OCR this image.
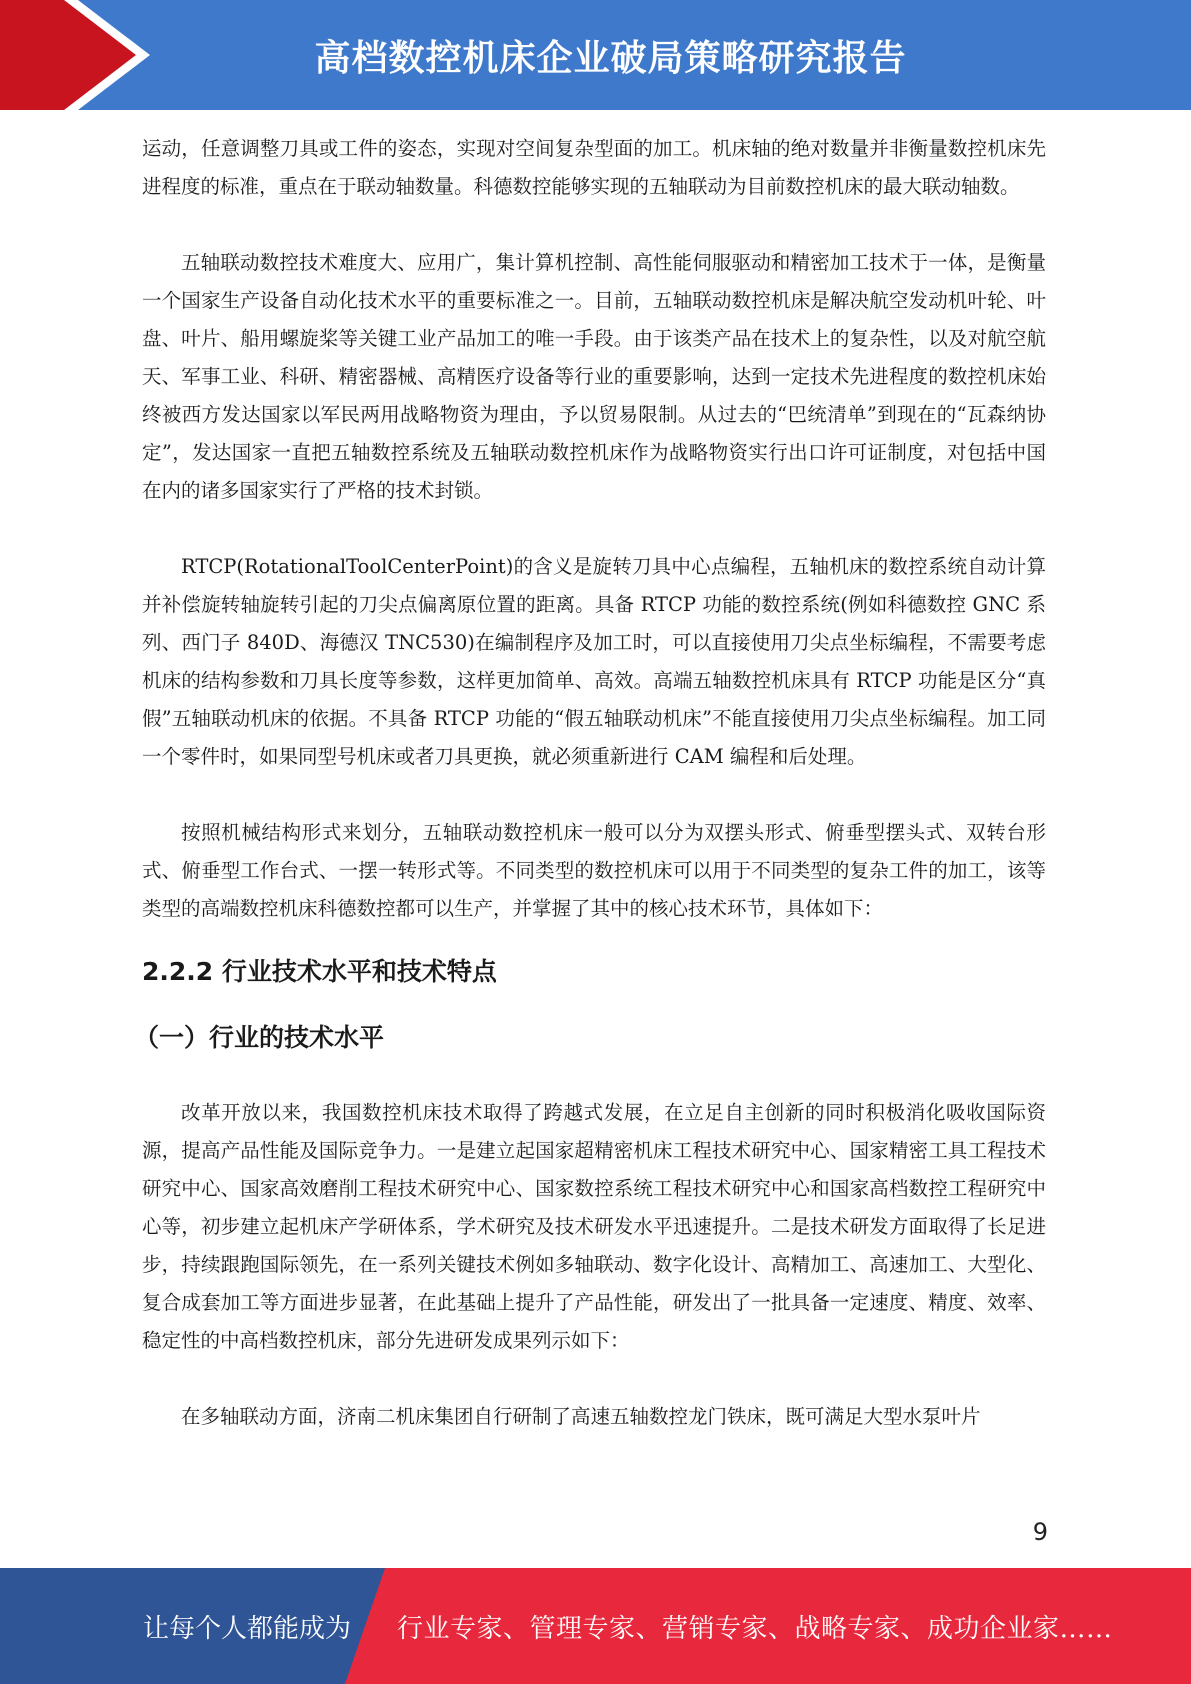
高档数控机床企业破局策略研究报告

运动，任意调整刀具或工件的姿态，实现对空间复杂型面的加工。机床轴的绝对数量并非衡量数控机床先进程度的标准，重点在于联动轴数量。科德数控能够实现的五轴联动为目前数控机床的最大联动轴数。

五轴联动数控技术难度大、应用广，集计算机控制、高性能伺服驱动和精密加工技术于一体，是衡量一个国家生产设备自动化技术水平的重要标准之一。目前，五轴联动数控机床是解决航空发动机叶轮、叶盘、叶片、船用螺旋桨等关键工业产品加工的唯一手段。由于该类产品在技术上的复杂性，以及对航空航天、军事工业、科研、精密器械、高精医疗设备等行业的重要影响，达到一定技术先进程度的数控机床始终被西方发达国家以军民两用战略物资为理由，予以贸易限制。从过去的“巴统清单”到现在的“瓦森纳协定”，发达国家一直把五轴数控系统及五轴联动数控机床作为战略物资实行出口许可证制度，对包括中国在内的诸多国家实行了严格的技术封锁。

RTCP(RotationalToolCenterPoint)的含义是旋转刀具中心点编程，五轴机床的数控系统自动计算并补偿旋转轴旋转引起的刀尖点偏离原位置的距离。具备 RTCP 功能的数控系统(例如科德数控 GNC 系列、西门子 840D、海德汉 TNC530)在编制程序及加工时，可以直接使用刀尖点坐标编程，不需要考虑机床的结构参数和刀具长度等参数，这样更加简单、高效。高端五轴数控机床具有 RTCP 功能是区分“真假”五轴联动机床的依据。不具备 RTCP 功能的“假五轴联动机床”不能直接使用刀尖点坐标编程。加工同一个零件时，如果同型号机床或者刀具更换，就必须重新进行 CAM 编程和后处理。

按照机械结构形式来划分，五轴联动数控机床一般可以分为双摆头形式、俯垂型摆头式、双转台形式、俯垂型工作台式、一摆一转形式等。不同类型的数控机床可以用于不同类型的复杂工件的加工，该等类型的高端数控机床科德数控都可以生产，并掌握了其中的核心技术环节，具体如下：

2.2.2 行业技术水平和技术特点
（一）行业的技术水平

改革开放以来，我国数控机床技术取得了跨越式发展，在立足自主创新的同时积极消化吸收国际资源，提高产品性能及国际竞争力。一是建立起国家超精密机床工程技术研究中心、国家精密工具工程技术研究中心、国家高效磨削工程技术研究中心、国家数控系统工程技术研究中心和国家高档数控工程研究中心等，初步建立起机床产学研体系，学术研究及技术研发水平迅速提升。二是技术研发方面取得了长足进步，持续跟跑国际领先，在一系列关键技术例如多轴联动、数字化设计、高精加工、高速加工、大型化、复合成套加工等方面进步显著，在此基础上提升了产品性能，研发出了一批具备一定速度、精度、效率、稳定性的中高档数控机床，部分先进研发成果列示如下：

在多轴联动方面，济南二机床集团自行研制了高速五轴数控龙门铁床，既可满足大型水泵叶片

9
让每个人都能成为 行业专家、管理专家、营销专家、战略专家、成功企业家……
